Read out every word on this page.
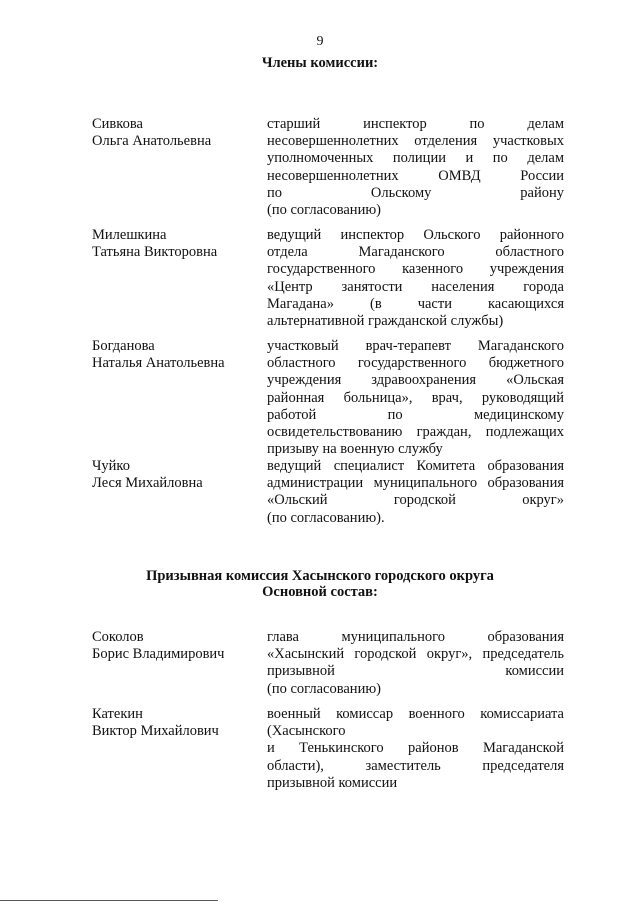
9
Члены комиссии:
Сивкова
Ольга Анатольевна
старший инспектор по делам
несовершеннолетних отделения участковых
уполномоченных полиции и по делам
несовершеннолетних ОМВД России
по Ольскому району
(по согласованию)
Милешкина
Татьяна Викторовна
ведущий инспектор Ольского районного
отдела Магаданского областного
государственного казенного учреждения
«Центр занятости населения города
Магадана» (в части касающихся
альтернативной гражданской службы)
Богданова
Наталья Анатольевна
участковый врач-терапевт Магаданского
областного государственного бюджетного
учреждения здравоохранения «Ольская
районная больница», врач, руководящий
работой по медицинскому
освидетельствованию граждан, подлежащих
призыву на военную службу
Чуйко
Леся Михайловна
ведущий специалист Комитета образования
администрации муниципального образования
«Ольский городской округ»
(по согласованию).
Призывная комиссия Хасынского городского округа
Основной состав:
Соколов
Борис Владимирович
глава муниципального образования
«Хасынский городской округ», председатель
призывной комиссии
(по согласованию)
Катекин
Виктор Михайлович
военный комиссар военного комиссариата
(Хасынского
и Тенькинского районов Магаданской
области), заместитель председателя
призывной комиссии
